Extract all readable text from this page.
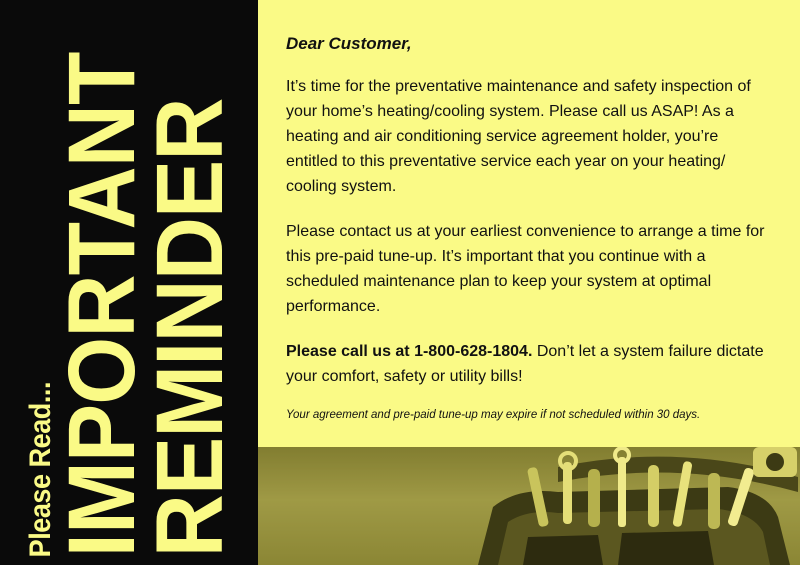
Please Read...
IMPORTANT
REMINDER

Dear Customer,

It’s time for the preventative maintenance and safety inspection of your home’s heating/cooling system. Please call us ASAP! As a heating and air conditioning service agreement holder, you’re entitled to this preventative service each year on your heating/ cooling system.

Please contact us at your earliest convenience to arrange a time for this pre-paid tune-up. It’s important that you continue with a scheduled maintenance plan to keep your system at optimal performance.

Please call us at 1-800-628-1804. Don’t let a system failure dictate your comfort, safety or utility bills!

Your agreement and pre-paid tune-up may expire if not scheduled within 30 days.
